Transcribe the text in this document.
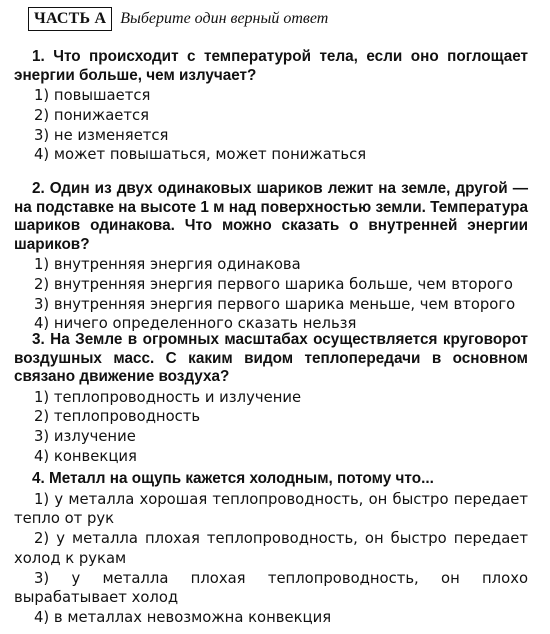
ЧАСТЬ А Выберите один верный ответ

1. Что происходит с температурой тела, если оно поглощает энергии больше, чем излучает?

1) повышается
2) понижается
3) не изменяется
4) может повышаться, может понижаться

2. Один из двух одинаковых шариков лежит на земле, другой — на подставке на высоте 1 м над поверхностью земли. Температура шариков одинакова. Что можно сказать о внутренней энергии шариков?

1) внутренняя энергия одинакова
2) внутренняя энергия первого шарика больше, чем второго
3) внутренняя энергия первого шарика меньше, чем второго
4) ничего определенного сказать нельзя

3. На Земле в огромных масштабах осуществляется круговорот воздушных масс. С каким видом теплопередачи в основном связано движение воздуха?

1) теплопроводность и излучение
2) теплопроводность
3) излучение
4) конвекция

4. Металл на ощупь кажется холодным, потому что...

1) у металла хорошая теплопроводность, он быстро передает тепло от рук
2) у металла плохая теплопроводность, он быстро передает холод к рукам
3) у металла плохая теплопроводность, он плохо вырабатывает холод
4) в металлах невозможна конвекция
